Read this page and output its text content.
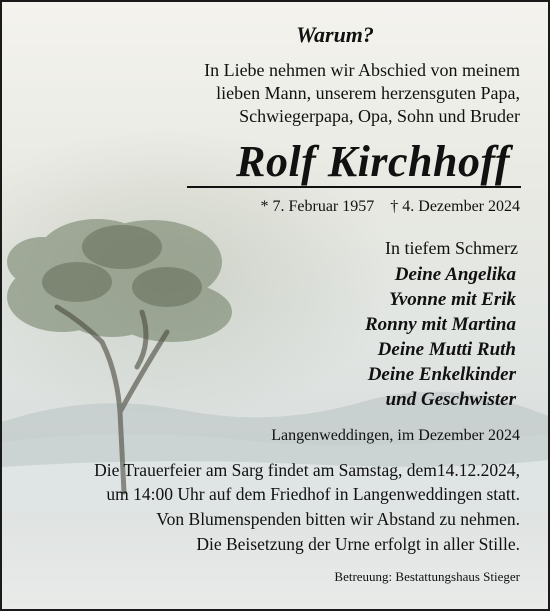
Warum?
In Liebe nehmen wir Abschied von meinem
lieben Mann, unserem herzensguten Papa,
Schwiegerpapa, Opa, Sohn und Bruder
Rolf Kirchhoff
* 7. Februar 1957    † 4. Dezember 2024
In tiefem Schmerz
Deine Angelika
Yvonne mit Erik
Ronny mit Martina
Deine Mutti Ruth
Deine Enkelkinder
und Geschwister
Langenweddingen, im Dezember 2024
Die Trauerfeier am Sarg findet am Samstag, dem14.12.2024,
um 14:00 Uhr auf dem Friedhof in Langenweddingen statt.
Von Blumenspenden bitten wir Abstand zu nehmen.
Die Beisetzung der Urne erfolgt in aller Stille.
Betreuung: Bestattungshaus Stieger
